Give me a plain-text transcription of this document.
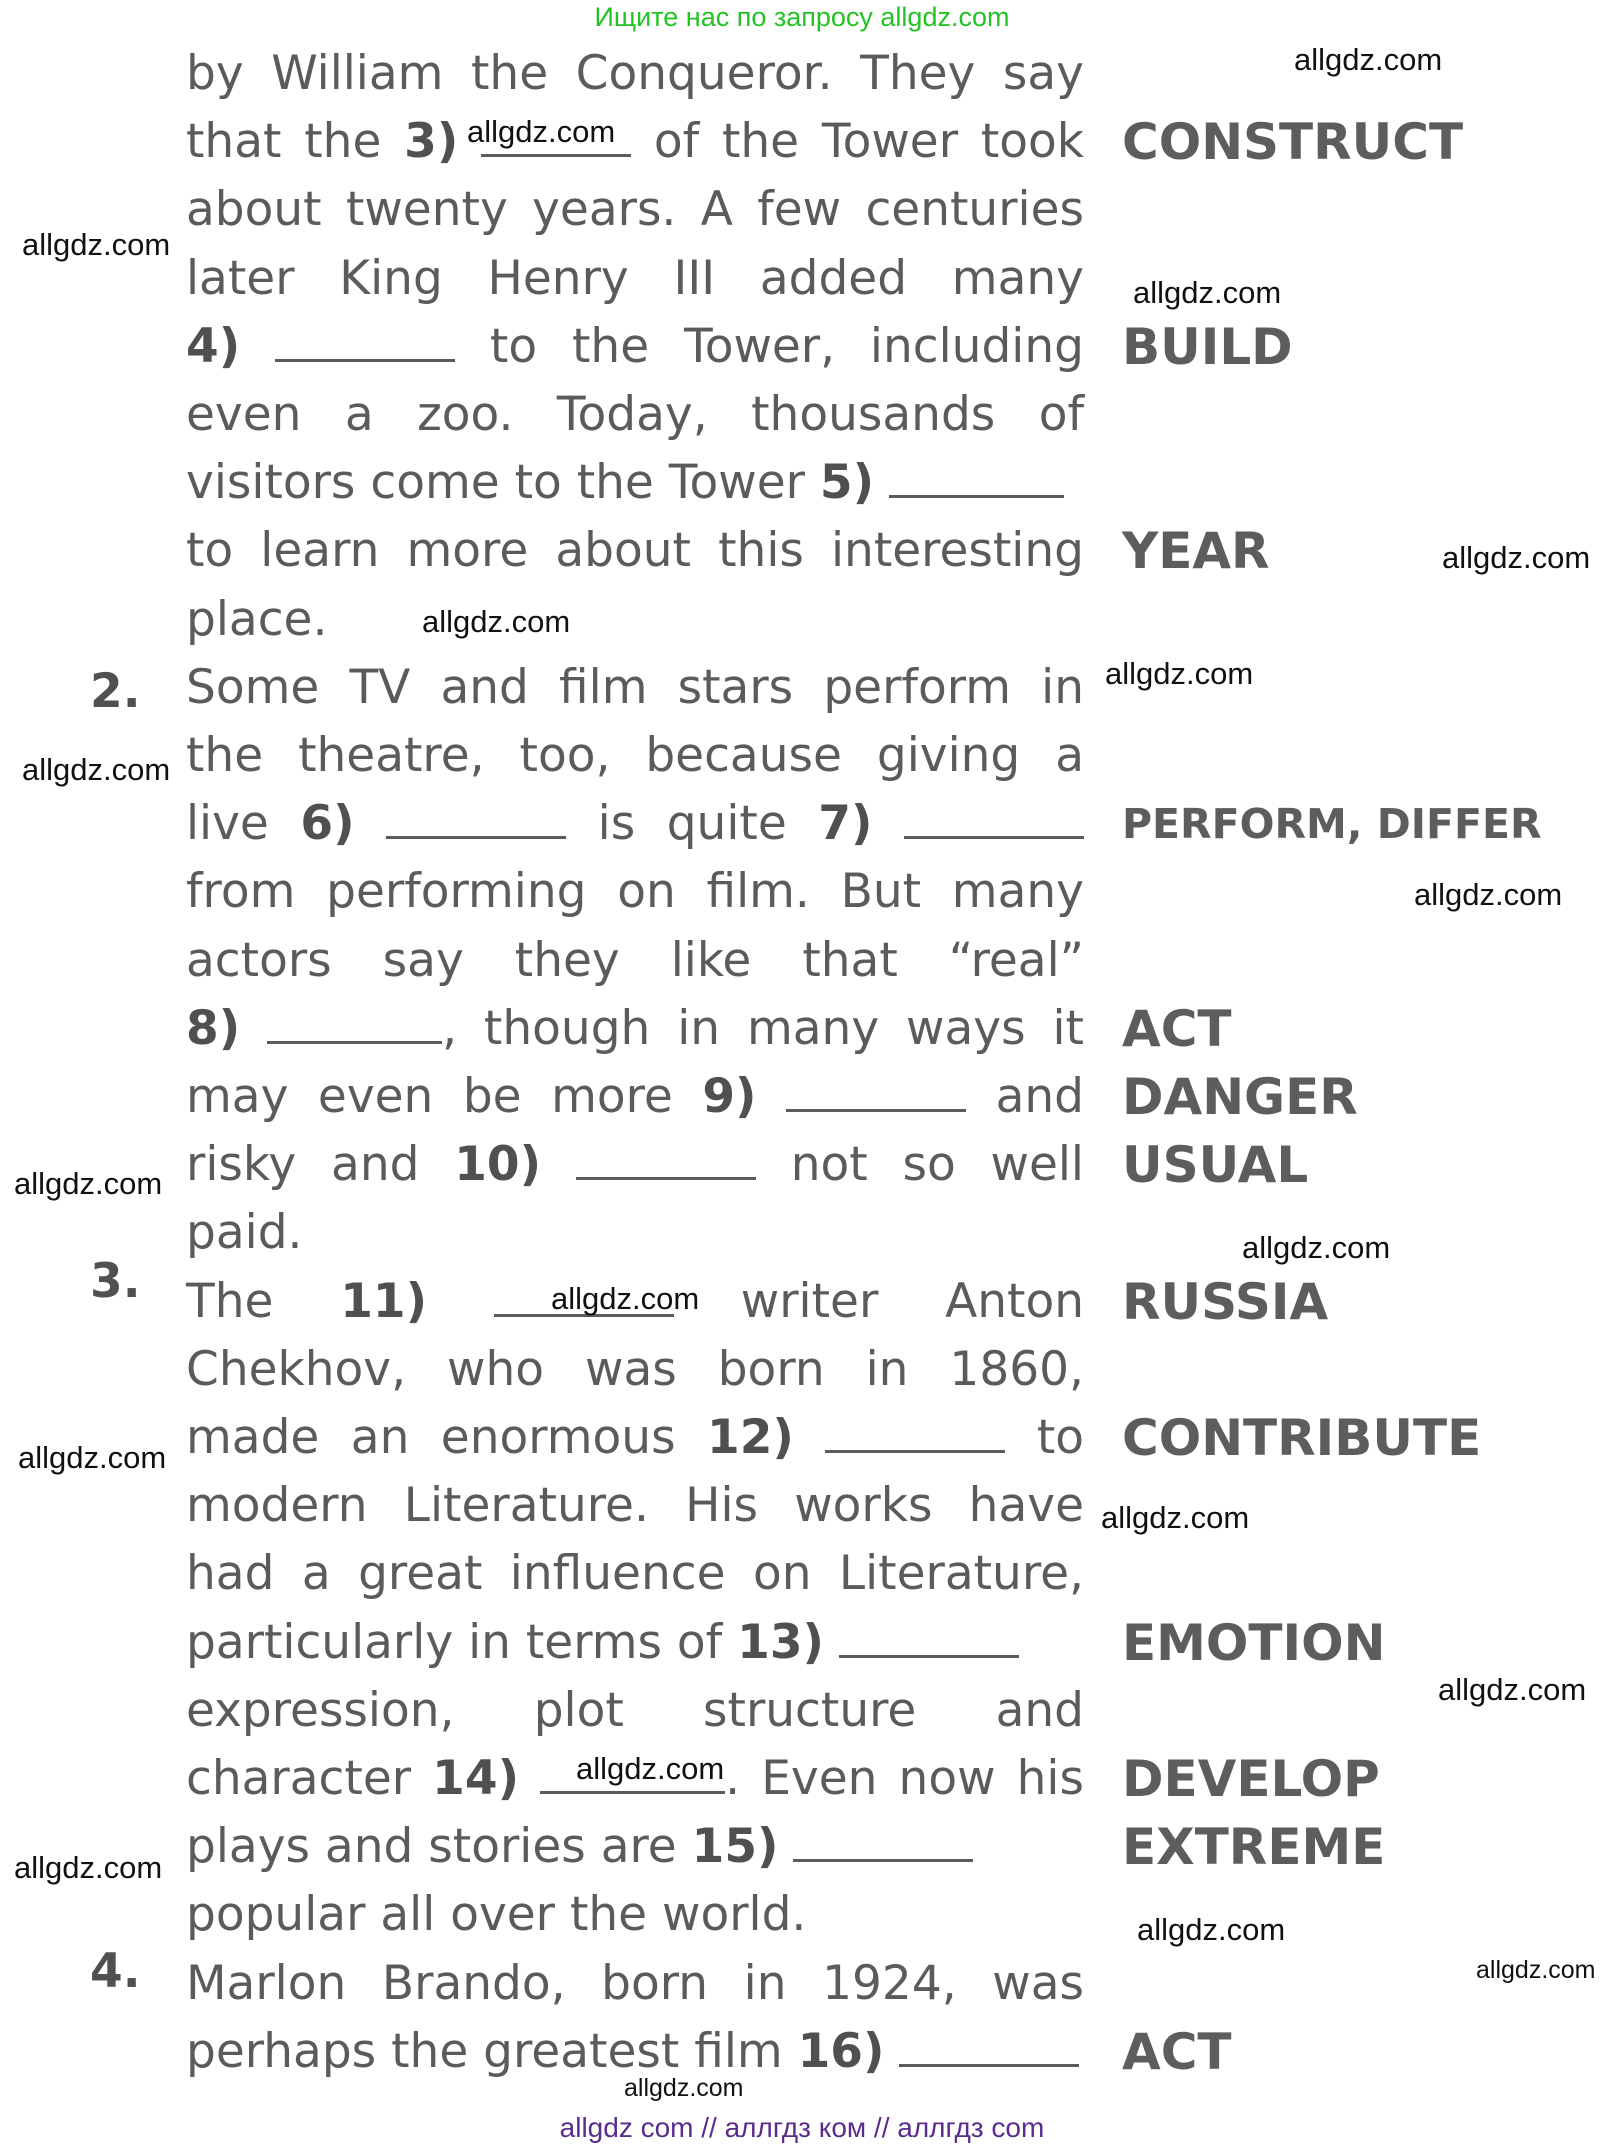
Ищите нас по запросу allgdz.com
by William the Conqueror. They say
that the 3)	of the Tower took
about twenty years. A few centuries
later King Henry III added many
4)	to the Tower, including
even a zoo. Today, thousands of
visitors come to the Tower 5)
to learn more about this interesting
place.
Some TV and film stars perform in
the theatre, too, because giving a
live 6)	is quite 7)
from performing on film. But many
actors say they like that “real”
8)	, though in many ways it
may even be more 9)	and
risky and 10)	not so well
paid.
The 11)	writer Anton
Chekhov, who was born in 1860,
made an enormous 12)	to
modern Literature. His works have
had a great influence on Literature,
particularly in terms of 13)
expression, plot structure and
character 14)	. Even now his
plays and stories are 15)
popular all over the world.
Marlon Brando, born in 1924, was
perhaps the greatest film 16)
2.
3.
4.
CONSTRUCT
BUILD
YEAR
PERFORM, DIFFER
ACT
DANGER
USUAL
RUSSIA
CONTRIBUTE
EMOTION
DEVELOP
EXTREME
ACT
allgdz.com
allgdz.com
allgdz.com
allgdz.com
allgdz.com
allgdz.com
allgdz.com
allgdz.com
allgdz.com
allgdz.com
allgdz.com
allgdz.com
allgdz.com
allgdz.com
allgdz.com
allgdz.com
allgdz.com
allgdz.com
allgdz.com
allgdz.com
allgdz com // аллгдз ком // аллгдз com
